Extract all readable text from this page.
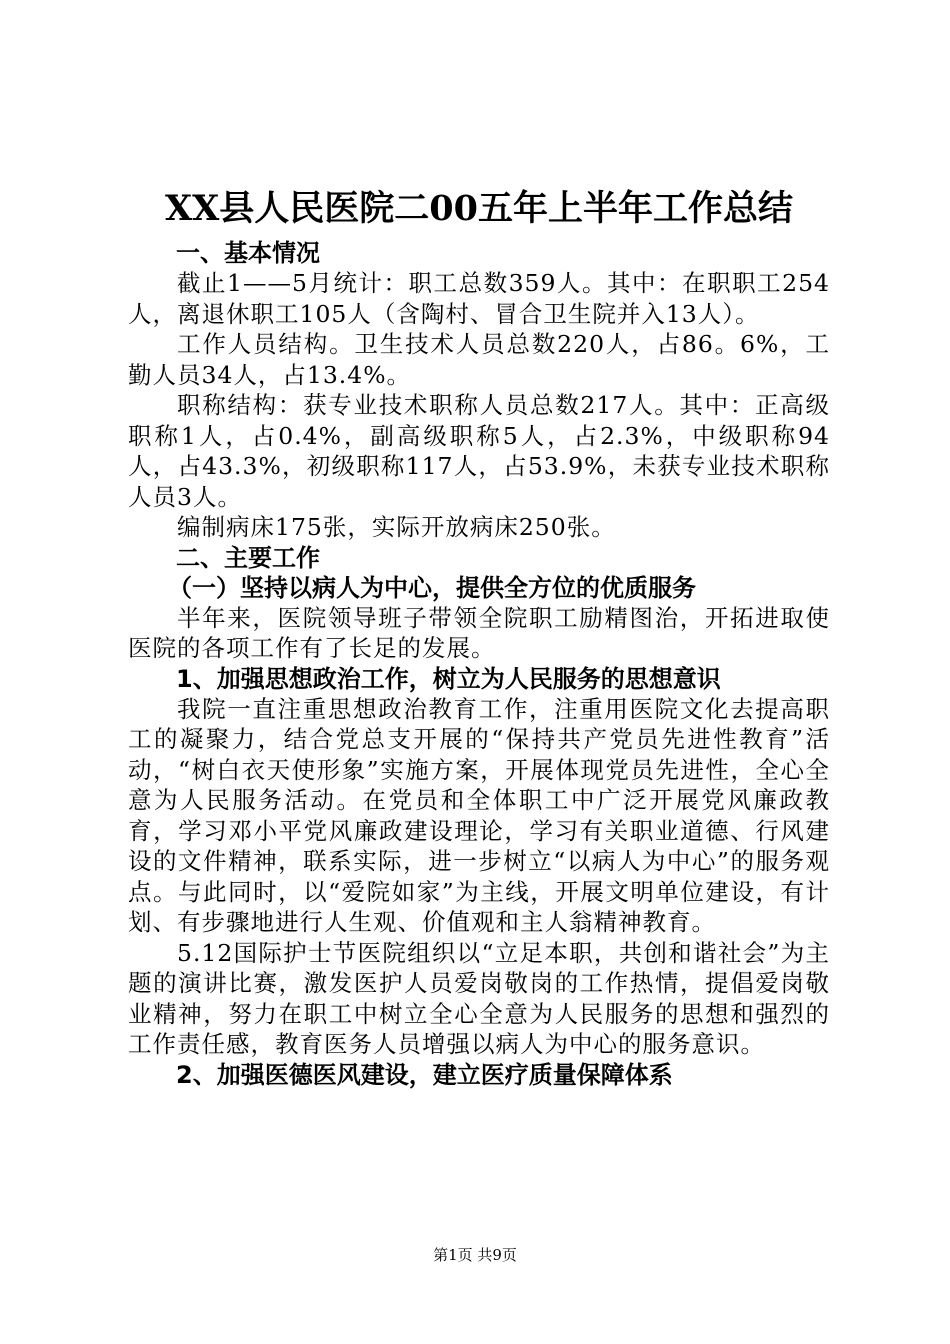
XX县人民医院二00五年上半年工作总结

一、基本情况

截止1——5月统计：职工总数359人。其中：在职职工254人，离退休职工105人（含陶村、冒合卫生院并入13人）。

工作人员结构。卫生技术人员总数220人，占86。6%，工勤人员34人，占13.4%。

职称结构：获专业技术职称人员总数217人。其中：正高级职称1人，占0.4%，副高级职称5人，占2.3%，中级职称94人，占43.3%，初级职称117人，占53.9%，未获专业技术职称人员3人。

编制病床175张，实际开放病床250张。

二、主要工作

（一）坚持以病人为中心，提供全方位的优质服务

半年来，医院领导班子带领全院职工励精图治，开拓进取使医院的各项工作有了长足的发展。

1、加强思想政治工作，树立为人民服务的思想意识

我院一直注重思想政治教育工作，注重用医院文化去提高职工的凝聚力，结合党总支开展的“保持共产党员先进性教育”活动，“树白衣天使形象”实施方案，开展体现党员先进性，全心全意为人民服务活动。在党员和全体职工中广泛开展党风廉政教育，学习邓小平党风廉政建设理论，学习有关职业道德、行风建设的文件精神，联系实际，进一步树立“以病人为中心”的服务观点。与此同时，以“爱院如家”为主线，开展文明单位建设，有计划、有步骤地进行人生观、价值观和主人翁精神教育。

5.12国际护士节医院组织以“立足本职，共创和谐社会”为主题的演讲比赛，激发医护人员爱岗敬岗的工作热情，提倡爱岗敬业精神，努力在职工中树立全心全意为人民服务的思想和强烈的工作责任感，教育医务人员增强以病人为中心的服务意识。

2、加强医德医风建设，建立医疗质量保障体系

第1页 共9页
